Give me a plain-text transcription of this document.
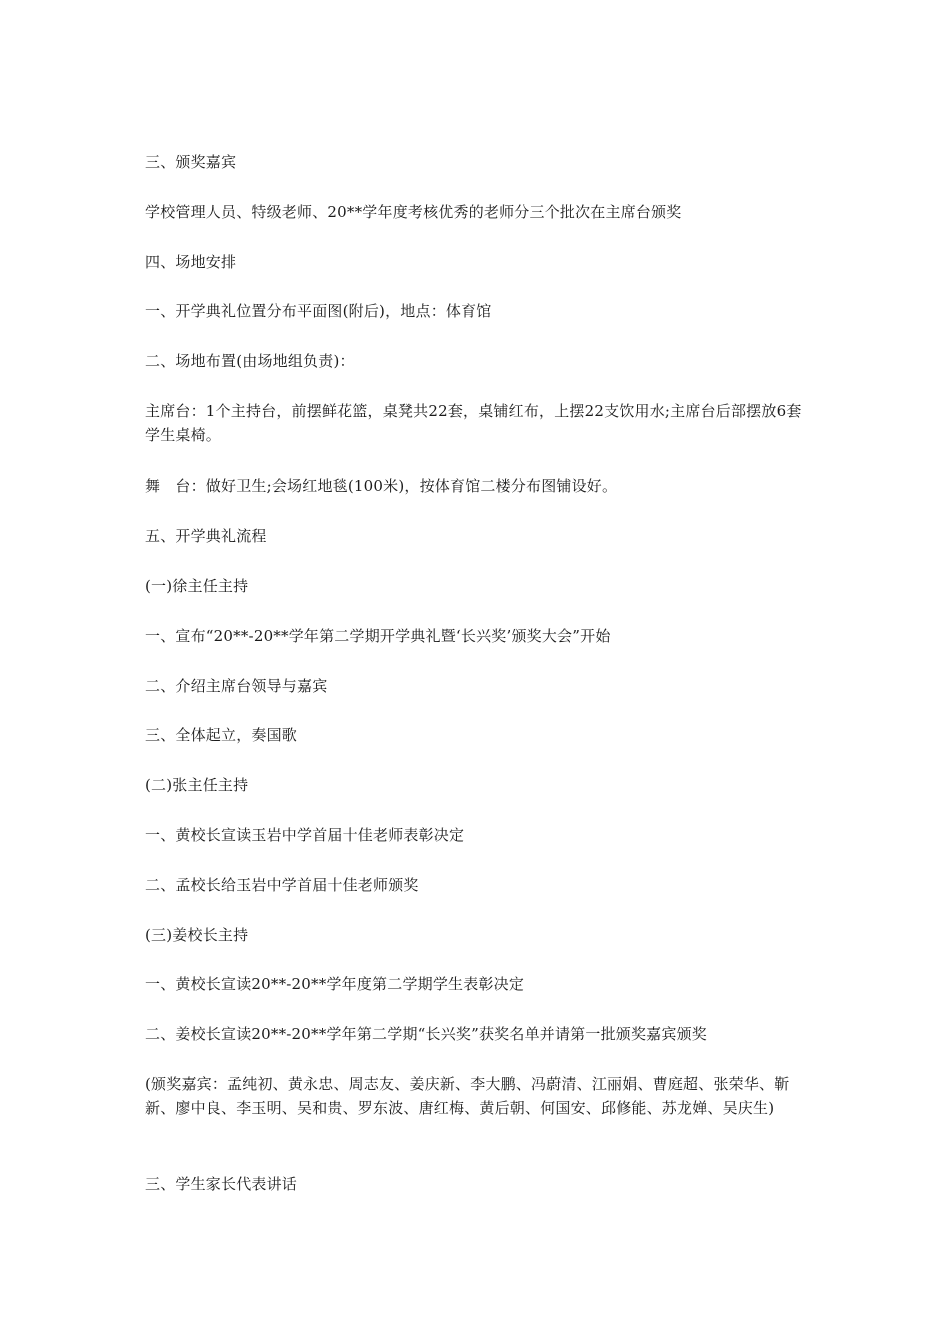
三、颁奖嘉宾

学校管理人员、特级老师、20**学年度考核优秀的老师分三个批次在主席台颁奖

四、场地安排

一、开学典礼位置分布平面图(附后)，地点：体育馆

二、场地布置(由场地组负责)：

主席台：1个主持台，前摆鲜花篮，桌凳共22套，桌铺红布，上摆22支饮用水;主席台后部摆放6套学生桌椅。

舞　台：做好卫生;会场红地毯(100米)，按体育馆二楼分布图铺设好。

五、开学典礼流程

(一)徐主任主持

一、宣布“20**-20**学年第二学期开学典礼暨‘长兴奖’颁奖大会”开始

二、介绍主席台领导与嘉宾

三、全体起立，奏国歌

(二)张主任主持

一、黄校长宣读玉岩中学首届十佳老师表彰决定

二、孟校长给玉岩中学首届十佳老师颁奖

(三)姜校长主持

一、黄校长宣读20**-20**学年度第二学期学生表彰决定

二、姜校长宣读20**-20**学年第二学期“长兴奖”获奖名单并请第一批颁奖嘉宾颁奖

(颁奖嘉宾：孟纯初、黄永忠、周志友、姜庆新、李大鹏、冯蔚清、江丽娟、曹庭超、张荣华、靳新、廖中良、李玉明、吴和贵、罗东波、唐红梅、黄后朝、何国安、邱修能、苏龙婵、吴庆生)

三、学生家长代表讲话
